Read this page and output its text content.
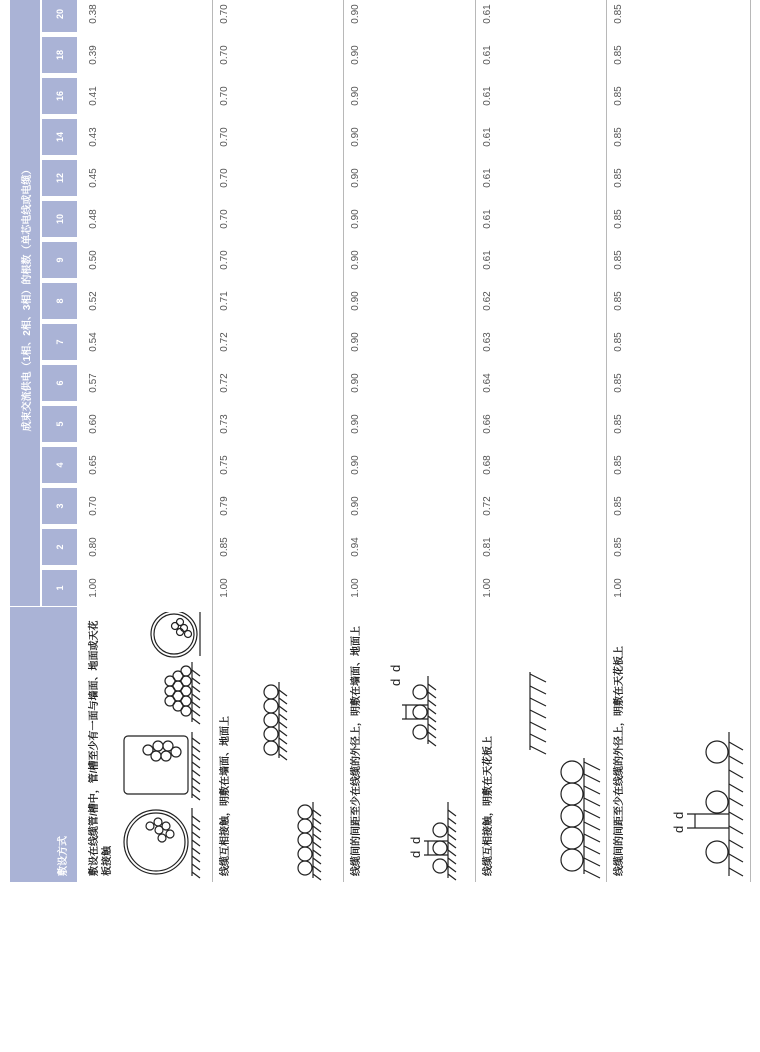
敷设方式
成束交流供电（1相、2相、3相）的根数（单芯电线或电缆）
1
2
3
4
5
6
7
8
9
10
12
14
16
18
20
敷设在线缆管/槽中，管/槽至少有一面与墙面、地面或天花板接触
1.00
0.80
0.70
0.65
0.60
0.57
0.54
0.52
0.50
0.48
0.45
0.43
0.41
0.39
0.38
线缆互相接触，明敷在墙面、地面上
1.00
0.85
0.79
0.75
0.73
0.72
0.72
0.71
0.70
0.70
0.70
0.70
0.70
0.70
0.70
线缆间的间距至少在线缆的外径上，明敷在墙面、地面上	d
d
d
d
1.00
0.94
0.90
0.90
0.90
0.90
0.90
0.90
0.90
0.90
0.90
0.90
0.90
0.90
0.90
线缆互相接触，明敷在天花板上
1.00
0.81
0.72
0.68
0.66
0.64
0.63
0.62
0.61
0.61
0.61
0.61
0.61
0.61
0.61
线缆间的间距至少在线缆的外径上，明敷在天花板上	d
d
1.00
0.85
0.85
0.85
0.85
0.85
0.85
0.85
0.85
0.85
0.85
0.85
0.85
0.85
0.85
